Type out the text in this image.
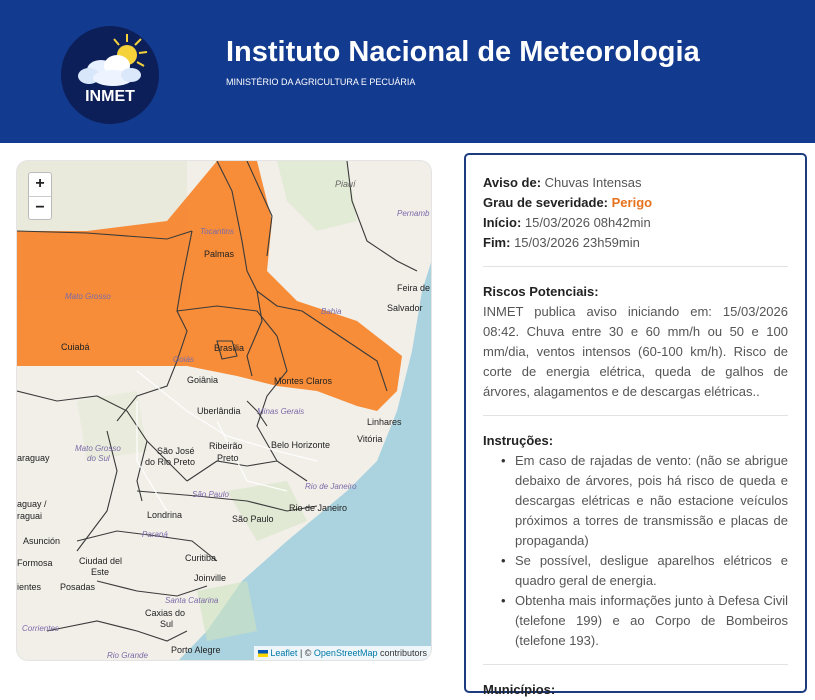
INMET
Instituto Nacional de Meteorologia
MINISTÉRIO DA AGRICULTURA E PECUÁRIA
Piauí
Pernamb
Tocantins
Palmas
Mato Grosso
Feira de
Bahia	Salvador
Cuiabá
Goiás
Brasília
Goiânia	Montes Claros
Uberlândia Minas Gerais
Mato Grosso
do Sul
araguay
São José
do Rio Preto
Ribeirão
Preto
Belo Horizonte
Vitória
Linhares
São Paulo
Rio de Janeiro
aguay /
raguai	Londrina	São Paulo
Rio de Janeiro
Asunción
Paraná
Curitiba
Formosa	Ciudad del
Este
Joinville
Posadas
ientes
Santa Catarina
Caxias do
Sul
Corrientes
Rio Grande
Porto Alegre
+
−
Leaflet | © OpenStreetMap contributors
Aviso de: Chuvas Intensas
Grau de severidade: Perigo
Início: 15/03/2026 08h42min
Fim: 15/03/2026 23h59min
Riscos Potenciais:
INMET publica aviso iniciando em: 15/03/2026 08:42. Chuva entre 30 e 60 mm/h ou 50 e 100 mm/dia, ventos intensos (60-100 km/h). Risco de corte de energia elétrica, queda de galhos de árvores, alagamentos e de descargas elétricas..
Instruções:
• Em caso de rajadas de vento: (não se abrigue debaixo de árvores, pois há risco de queda e descargas elétricas e não estacione veículos próximos a torres de transmissão e placas de propaganda)
• Se possível, desligue aparelhos elétricos e quadro geral de energia.
• Obtenha mais informações junto à Defesa Civil (telefone 199) e ao Corpo de Bombeiros (telefone 193).
Municípios:
